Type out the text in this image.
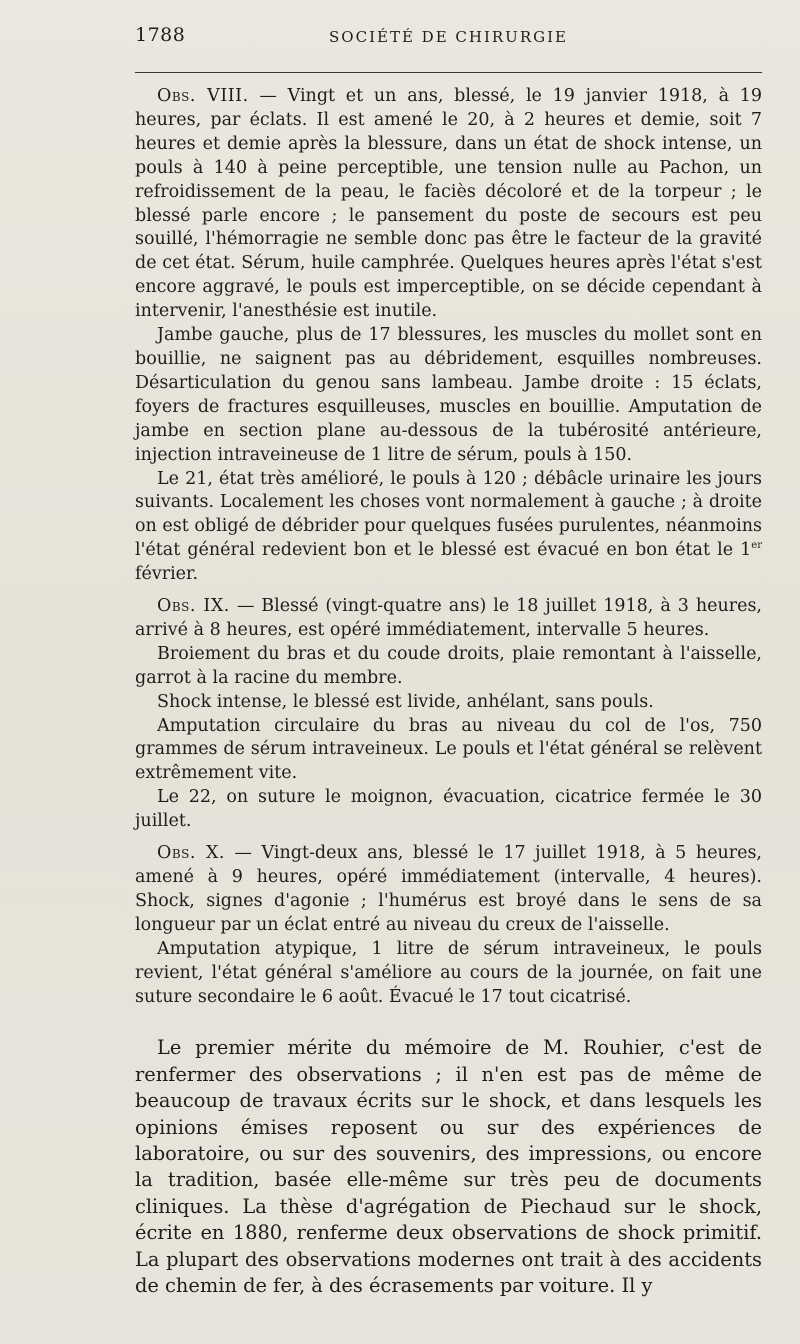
1788	SOCIÉTÉ DE CHIRURGIE

Obs. VIII. — Vingt et un ans, blessé, le 19 janvier 1918, à 19 heures, par éclats. Il est amené le 20, à 2 heures et demie, soit 7 heures et demie après la blessure, dans un état de shock intense, un pouls à 140 à peine perceptible, une tension nulle au Pachon, un refroidissement de la peau, le faciès décoloré et de la torpeur ; le blessé parle encore ; le pansement du poste de secours est peu souillé, l'hémorragie ne semble donc pas être le facteur de la gravité de cet état. Sérum, huile camphrée. Quelques heures après l'état s'est encore aggravé, le pouls est imperceptible, on se décide cependant à intervenir, l'anesthésie est inutile.

Jambe gauche, plus de 17 blessures, les muscles du mollet sont en bouillie, ne saignent pas au débridement, esquilles nombreuses. Désarticulation du genou sans lambeau. Jambe droite : 15 éclats, foyers de fractures esquilleuses, muscles en bouillie. Amputation de jambe en section plane au-dessous de la tubérosité antérieure, injection intraveineuse de 1 litre de sérum, pouls à 150.

Le 21, état très amélioré, le pouls à 120 ; débâcle urinaire les jours suivants. Localement les choses vont normalement à gauche ; à droite on est obligé de débrider pour quelques fusées purulentes, néanmoins l'état général redevient bon et le blessé est évacué en bon état le 1er février.

Obs. IX. — Blessé (vingt-quatre ans) le 18 juillet 1918, à 3 heures, arrivé à 8 heures, est opéré immédiatement, intervalle 5 heures.

Broiement du bras et du coude droits, plaie remontant à l'aisselle, garrot à la racine du membre.

Shock intense, le blessé est livide, anhélant, sans pouls.

Amputation circulaire du bras au niveau du col de l'os, 750 grammes de sérum intraveineux. Le pouls et l'état général se relèvent extrêmement vite.

Le 22, on suture le moignon, évacuation, cicatrice fermée le 30 juillet.

Obs. X. — Vingt-deux ans, blessé le 17 juillet 1918, à 5 heures, amené à 9 heures, opéré immédiatement (intervalle, 4 heures). Shock, signes d'agonie ; l'humérus est broyé dans le sens de sa longueur par un éclat entré au niveau du creux de l'aisselle.

Amputation atypique, 1 litre de sérum intraveineux, le pouls revient, l'état général s'améliore au cours de la journée, on fait une suture secondaire le 6 août. Évacué le 17 tout cicatrisé.

Le premier mérite du mémoire de M. Rouhier, c'est de renfermer des observations ; il n'en est pas de même de beaucoup de travaux écrits sur le shock, et dans lesquels les opinions émises reposent ou sur des expériences de laboratoire, ou sur des souvenirs, des impressions, ou encore la tradition, basée elle-même sur très peu de documents cliniques. La thèse d'agrégation de Piechaud sur le shock, écrite en 1880, renferme deux observations de shock primitif. La plupart des observations modernes ont trait à des accidents de chemin de fer, à des écrasements par voiture. Il y
